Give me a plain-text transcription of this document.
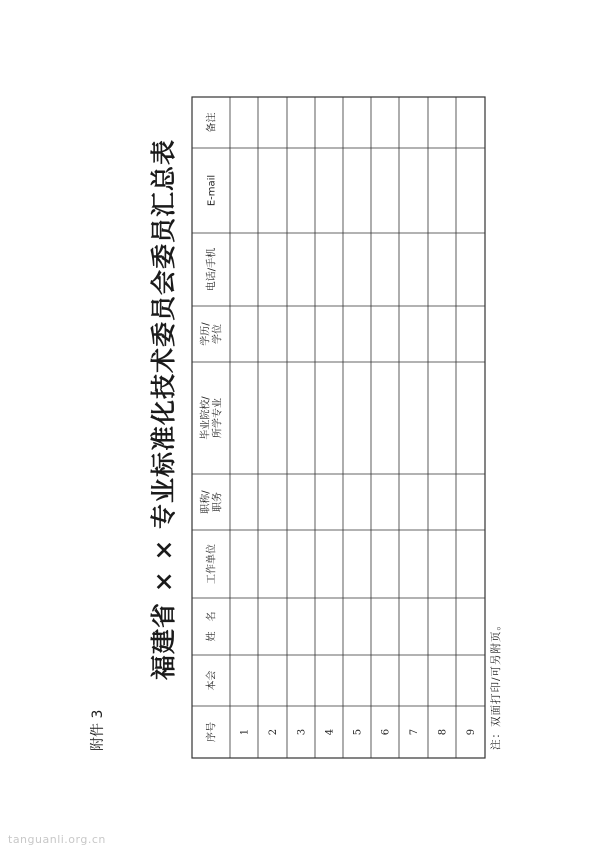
附件 3
福建省 × × 专业标准化技术委员会委员汇总表
序号
本会
姓　名
工作单位
职称/职务
毕业院校/所学专业
学历/学位
电话/手机
E-mail
备注
1 2 3 4 5 6 7 8 9 注：双面打印/可另附页。
tanguanli.org.cn
